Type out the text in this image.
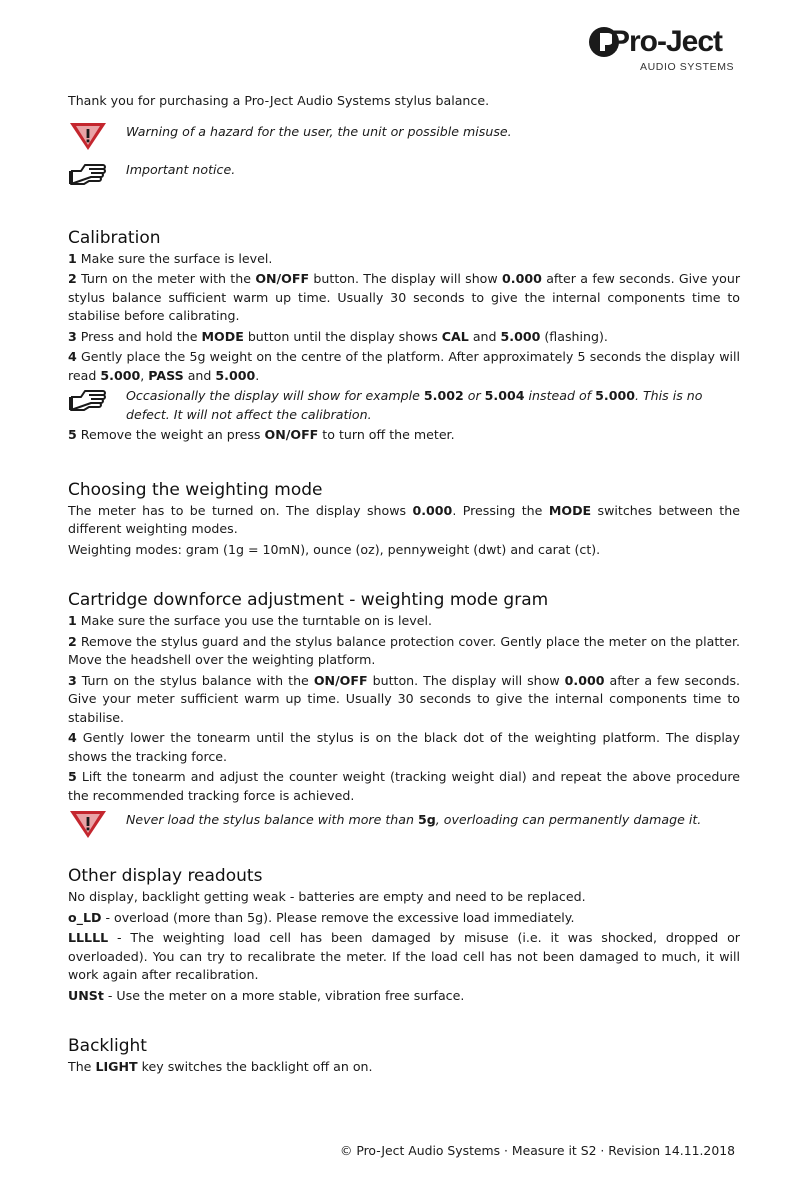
Pro-Ject
AUDIO SYSTEMS

Thank you for purchasing a Pro-Ject Audio Systems stylus balance.

Warning of a hazard for the user, the unit or possible misuse.

Important notice.

Calibration

1 Make sure the surface is level.

2 Turn on the meter with the ON/OFF button. The display will show 0.000 after a few seconds. Give your stylus balance sufficient warm up time. Usually 30 seconds to give the internal components time to stabilise before calibrating.

3 Press and hold the MODE button until the display shows CAL and 5.000 (flashing).

4 Gently place the 5g weight on the centre of the platform. After approximately 5 seconds the display will read 5.000, PASS and 5.000.

Occasionally the display will show for example 5.002 or 5.004 instead of 5.000. This is no defect. It will not affect the calibration.

5 Remove the weight an press ON/OFF to turn off the meter.

Choosing the weighting mode

The meter has to be turned on. The display shows 0.000. Pressing the MODE switches between the different weighting modes.

Weighting modes: gram (1g = 10mN), ounce (oz), pennyweight (dwt) and carat (ct).

Cartridge downforce adjustment - weighting mode gram

1 Make sure the surface you use the turntable on is level.

2 Remove the stylus guard and the stylus balance protection cover. Gently place the meter on the platter. Move the headshell over the weighting platform.

3 Turn on the stylus balance with the ON/OFF button. The display will show 0.000 after a few seconds. Give your meter sufficient warm up time. Usually 30 seconds to give the internal components time to stabilise.

4 Gently lower the tonearm until the stylus is on the black dot of the weighting platform. The display shows the tracking force.

5 Lift the tonearm and adjust the counter weight (tracking weight dial) and repeat the above procedure the recommended tracking force is achieved.

Never load the stylus balance with more than 5g, overloading can permanently damage it.

Other display readouts

No display, backlight getting weak - batteries are empty and need to be replaced.

o_LD - overload (more than 5g). Please remove the excessive load immediately.

LLLLL - The weighting load cell has been damaged by misuse (i.e. it was shocked, dropped or overloaded). You can try to recalibrate the meter. If the load cell has not been damaged to much, it will work again after recalibration.

UNSt - Use the meter on a more stable, vibration free surface.

Backlight

The LIGHT key switches the backlight off an on.

© Pro-Ject Audio Systems · Measure it S2 · Revision 14.11.2018
